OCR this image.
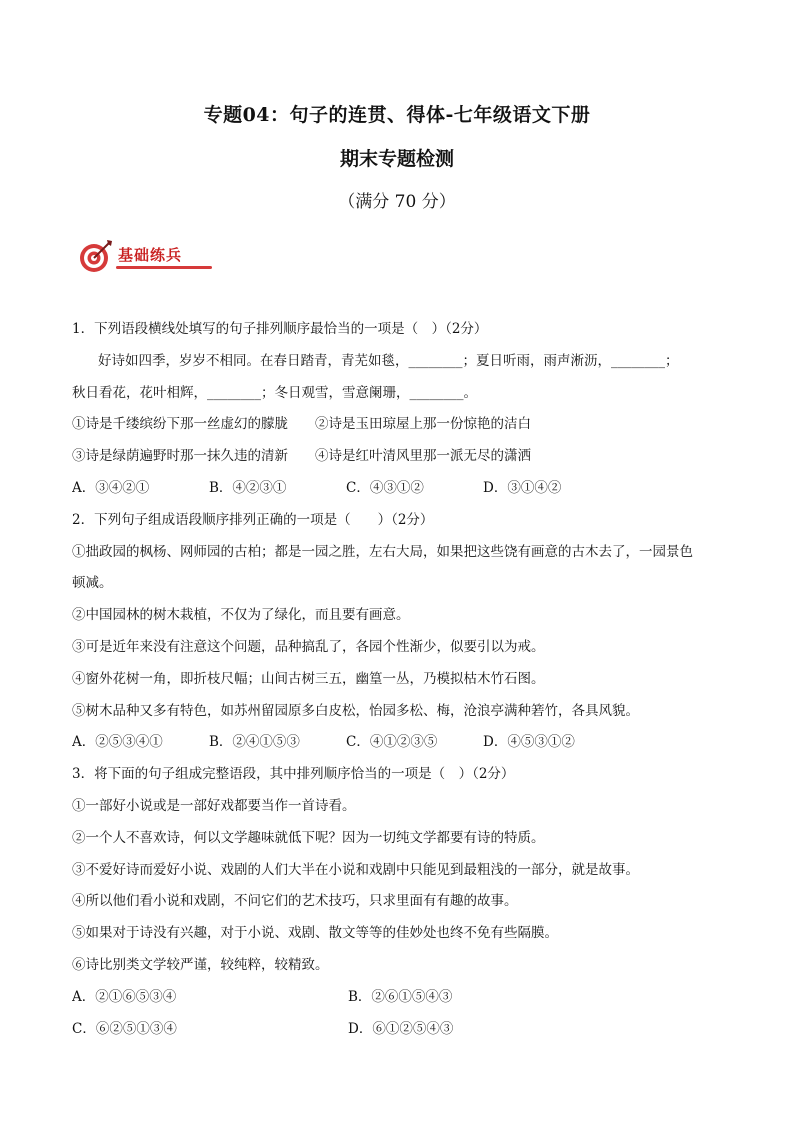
专题04：句子的连贯、得体-七年级语文下册
期末专题检测
（满分 70 分）
基础练兵
1．下列语段横线处填写的句子排列顺序最恰当的一项是（　）（2分）
好诗如四季，岁岁不相同。在春日踏青，青芜如毯，________；夏日听雨，雨声淅沥，________；
秋日看花，花叶相辉，________；冬日观雪，雪意阑珊，________。
①诗是千缕缤纷下那一丝虚幻的朦胧　　②诗是玉田琼屋上那一份惊艳的洁白
③诗是绿荫遍野时那一抹久违的清新　　④诗是红叶清风里那一派无尽的潇洒
A．③④②①	B．④②③①	C．④③①②	D．③①④②
2．下列句子组成语段顺序排列正确的一项是（　　）（2分）
①拙政园的枫杨、网师园的古柏；都是一园之胜，左右大局，如果把这些饶有画意的古木去了，一园景色
顿减。
②中国园林的树木栽植，不仅为了绿化，而且要有画意。
③可是近年来没有注意这个问题，品种搞乱了，各园个性渐少，似要引以为戒。
④窗外花树一角，即折枝尺幅；山间古树三五，幽篁一丛，乃模拟枯木竹石图。
⑤树木品种又多有特色，如苏州留园原多白皮松，怡园多松、梅，沧浪亭满种箬竹，各具风貌。
A．②⑤③④①	B．②④①⑤③	C．④①②③⑤	D．④⑤③①②
3．将下面的句子组成完整语段，其中排列顺序恰当的一项是（　）（2分）
①一部好小说或是一部好戏都要当作一首诗看。
②一个人不喜欢诗，何以文学趣味就低下呢？因为一切纯文学都要有诗的特质。
③不爱好诗而爱好小说、戏剧的人们大半在小说和戏剧中只能见到最粗浅的一部分，就是故事。
④所以他们看小说和戏剧，不问它们的艺术技巧，只求里面有有趣的故事。
⑤如果对于诗没有兴趣，对于小说、戏剧、散文等等的佳妙处也终不免有些隔膜。
⑥诗比别类文学较严谨，较纯粹，较精致。
A．②①⑥⑤③④	B．②⑥①⑤④③
C．⑥②⑤①③④	D．⑥①②⑤④③
